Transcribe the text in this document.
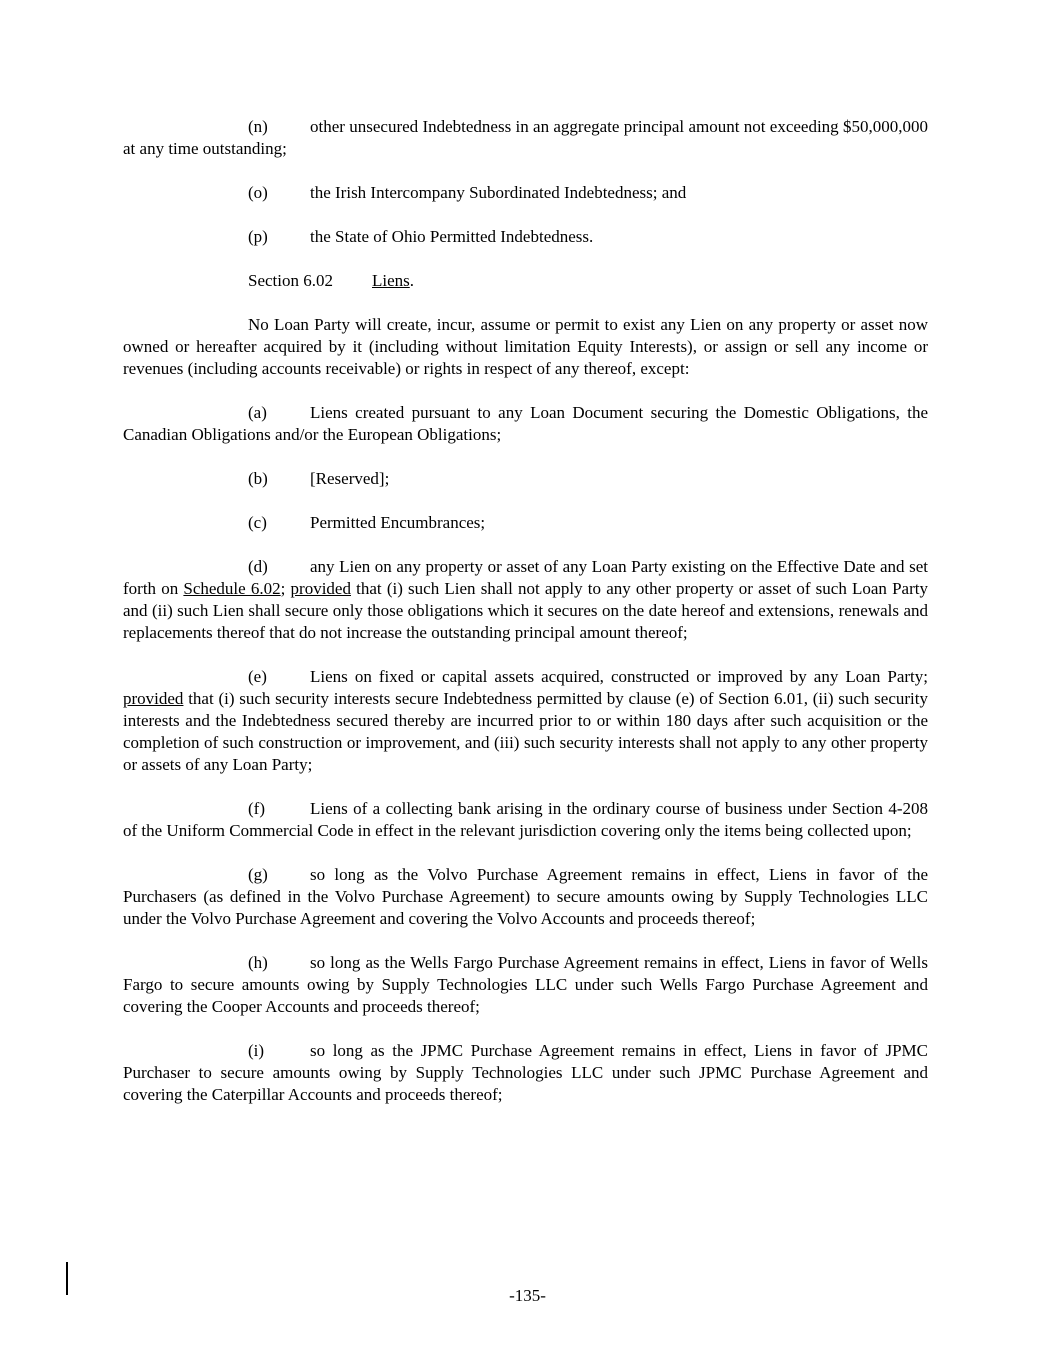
(n) other unsecured Indebtedness in an aggregate principal amount not exceeding $50,000,000 at any time outstanding;

(o) the Irish Intercompany Subordinated Indebtedness; and

(p) the State of Ohio Permitted Indebtedness.

Section 6.02 Liens.

No Loan Party will create, incur, assume or permit to exist any Lien on any property or asset now owned or hereafter acquired by it (including without limitation Equity Interests), or assign or sell any income or revenues (including accounts receivable) or rights in respect of any thereof, except:

(a)	Liens created pursuant to any Loan Document securing the Domestic Obligations, the Canadian Obligations and/or the European Obligations;

(b) [Reserved];

(c)	Permitted Encumbrances;

(d) any Lien on any property or asset of any Loan Party existing on the Effective Date and set forth on Schedule 6.02; provided that (i) such Lien shall not apply to any other property or asset of such Loan Party and (ii) such Lien shall secure only those obligations which it secures on the date hereof and extensions, renewals and replacements thereof that do not increase the outstanding principal amount thereof;

(e)	Liens on fixed or capital assets acquired, constructed or improved by any Loan Party; provided that (i) such security interests secure Indebtedness permitted by clause (e) of Section 6.01, (ii) such security interests and the Indebtedness secured thereby are incurred prior to or within 180 days after such acquisition or the completion of such construction or improvement, and (iii) such security interests shall not apply to any other property or assets of any Loan Party;

(f)	Liens of a collecting bank arising in the ordinary course of business under Section 4-208 of the Uniform Commercial Code in effect in the relevant jurisdiction covering only the items being collected upon;

(g) so long as the Volvo Purchase Agreement remains in effect, Liens in favor of the Purchasers (as defined in the Volvo Purchase Agreement) to secure amounts owing by Supply Technologies LLC under the Volvo Purchase Agreement and covering the Volvo Accounts and proceeds thereof;

(h) so long as the Wells Fargo Purchase Agreement remains in effect, Liens in favor of Wells Fargo to secure amounts owing by Supply Technologies LLC under such Wells Fargo Purchase Agreement and covering the Cooper Accounts and proceeds thereof;

(i)	so long as the JPMC Purchase Agreement remains in effect, Liens in favor of JPMC Purchaser to secure amounts owing by Supply Technologies LLC under such JPMC Purchase Agreement and covering the Caterpillar Accounts and proceeds thereof;

-135-
